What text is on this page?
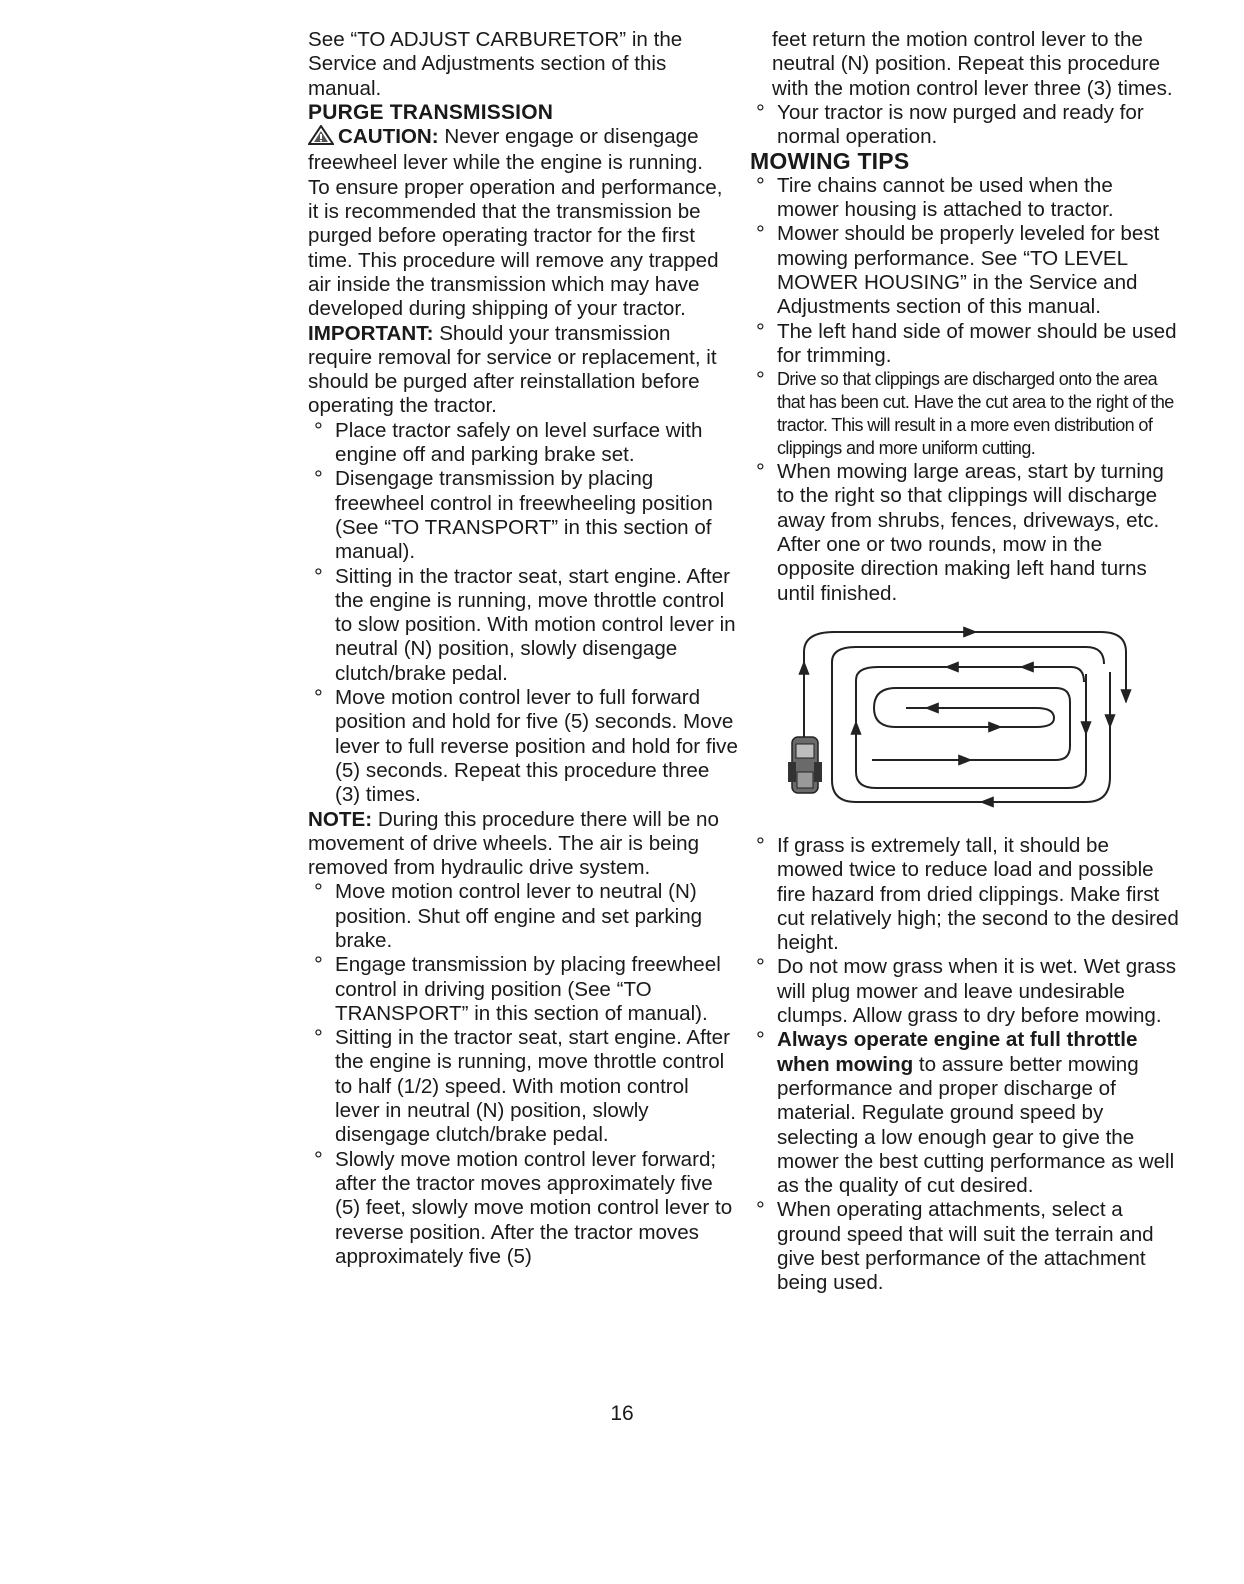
See “TO ADJUST CARBURETOR” in the Service and Adjustments section of this manual.

PURGE TRANSMISSION

CAUTION: Never engage or disengage freewheel lever while the engine is running.

To ensure proper operation and performance, it is recommended that the transmission be purged before operating tractor for the first time. This procedure will remove any trapped air inside the transmission which may have developed during shipping of your tractor.

IMPORTANT: Should your transmission require removal for service or replacement, it should be purged after reinstallation before operating the tractor.

° Place tractor safely on level surface with engine off and parking brake set.
° Disengage transmission by placing freewheel control in freewheeling position (See “TO TRANSPORT” in this section of manual).
° Sitting in the tractor seat, start engine. After the engine is running, move throttle control to slow position. With motion control lever in neutral (N) position, slowly disengage clutch/brake pedal.
° Move motion control lever to full forward position and hold for five (5) seconds. Move lever to full reverse position and hold for five (5) seconds. Repeat this procedure three (3) times.

NOTE: During this procedure there will be no movement of drive wheels. The air is being removed from hydraulic drive system.

° Move motion control lever to neutral (N) position. Shut off engine and set parking brake.
° Engage transmission by placing freewheel control in driving position (See “TO TRANSPORT” in this section of manual).
° Sitting in the tractor seat, start engine. After the engine is running, move throttle control to half (1/2) speed. With motion control lever in neutral (N) position, slowly disengage clutch/brake pedal.
° Slowly move motion control lever forward; after the tractor moves approximately five (5) feet, slowly move motion control lever to reverse position. After the tractor moves approximately five (5)

feet return the motion control lever to the neutral (N) position. Repeat this procedure with the motion control lever three (3) times.

° Your tractor is now purged and ready for normal operation.
MOWING TIPS
° Tire chains cannot be used when the mower housing is attached to tractor.
° Mower should be properly leveled for best mowing performance. See “TO LEVEL MOWER HOUSING” in the Service and Adjustments section of this manual.
° The left hand side of mower should be used for trimming.
° Drive so that clippings are discharged onto the area that has been cut. Have the cut area to the right of the tractor. This will result in a more even distribution of clippings and more uniform cutting.
° When mowing large areas, start by turning to the right so that clippings will discharge away from shrubs, fences, driveways, etc. After one or two rounds, mow in the opposite direction making left hand turns until finished.
° If grass is extremely tall, it should be mowed twice to reduce load and possible fire hazard from dried clippings. Make first cut relatively high; the second to the desired height.
° Do not mow grass when it is wet. Wet grass will plug mower and leave undesirable clumps. Allow grass to dry before mowing.
° Always operate engine at full throttle when mowing to assure better mowing performance and proper discharge of material. Regulate ground speed by selecting a low enough gear to give the mower the best cutting performance as well as the quality of cut desired.
° When operating attachments, select a ground speed that will suit the terrain and give best performance of the attachment being used.
16
